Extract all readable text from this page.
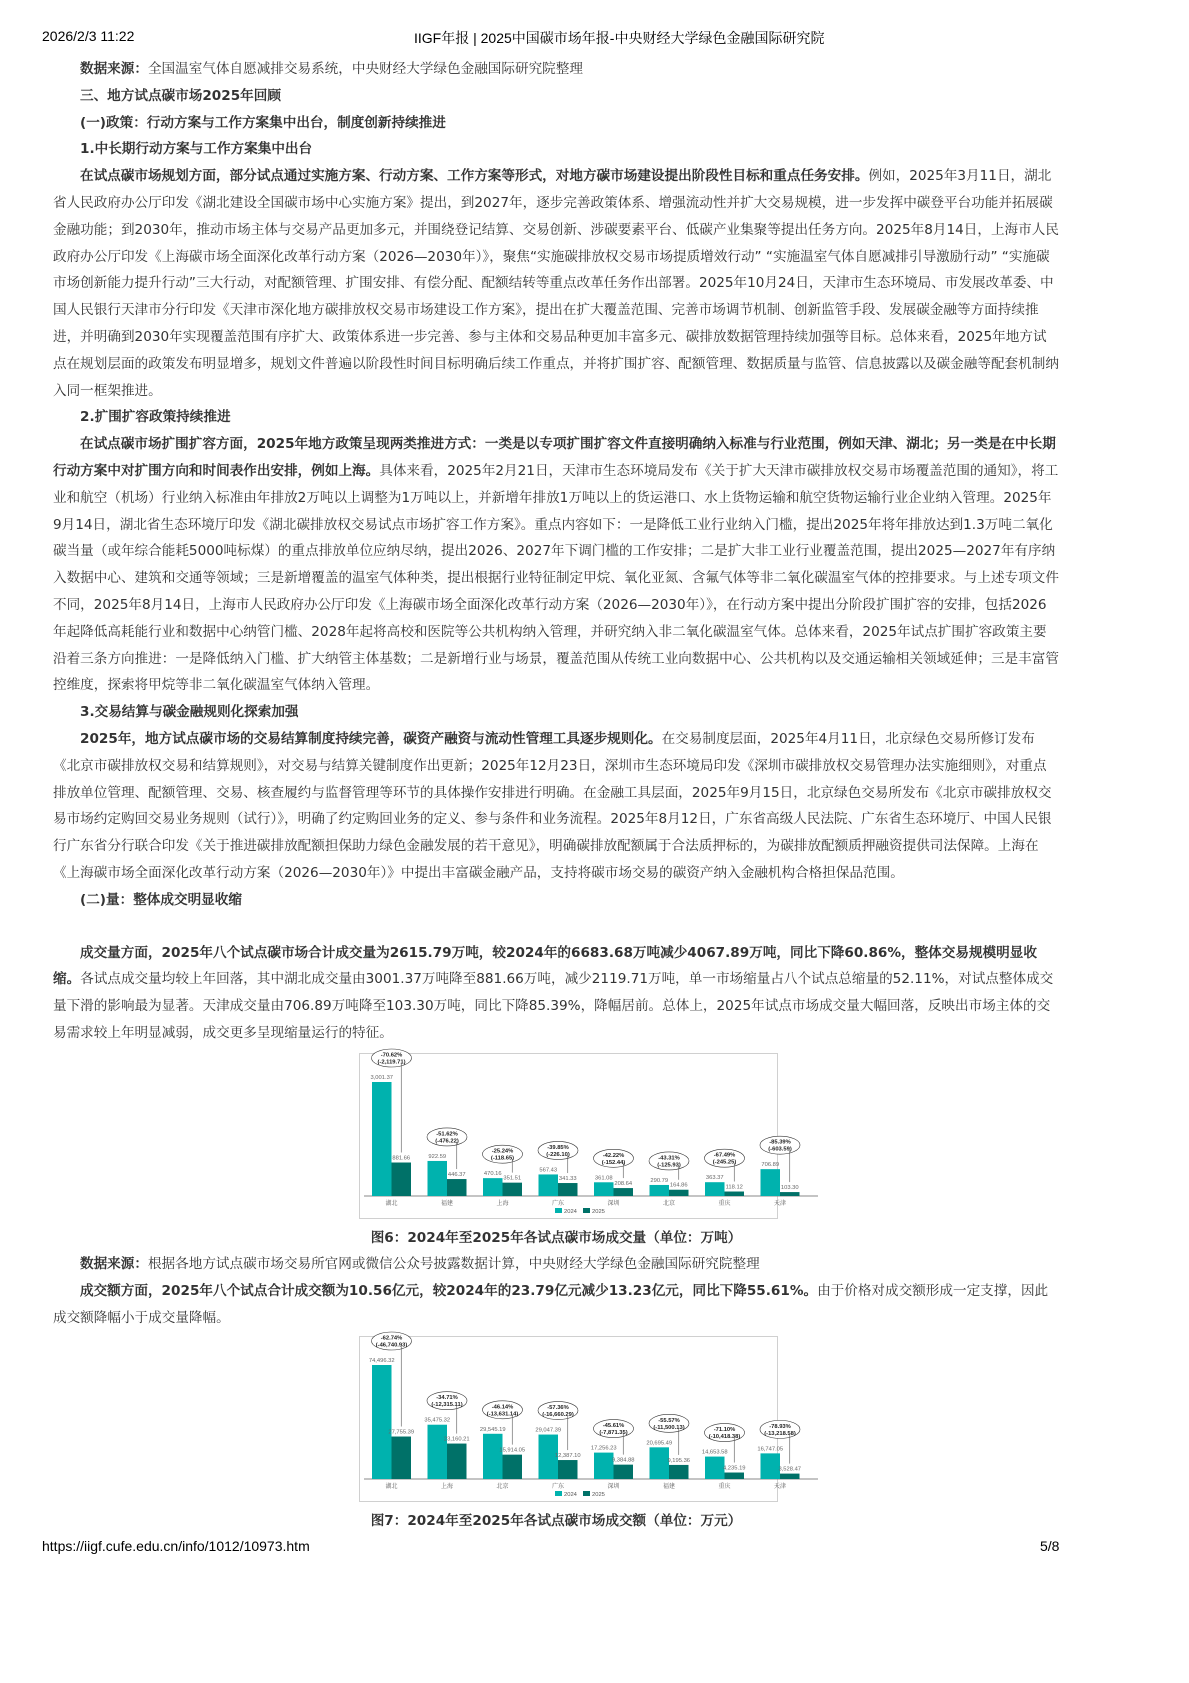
2026/2/3 11:22	IIGF年报 | 2025中国碳市场年报-中央财经大学绿色金融国际研究院

数据来源：全国温室气体自愿减排交易系统，中央财经大学绿色金融国际研究院整理

三、地方试点碳市场2025年回顾

(一)政策：行动方案与工作方案集中出台，制度创新持续推进

1.中长期行动方案与工作方案集中出台

在试点碳市场规划方面，部分试点通过实施方案、行动方案、工作方案等形式，对地方碳市场建设提出阶段性目标和重点任务安排。例如，2025年3月11日，湖北省人民政府办公厅印发《湖北建设全国碳市场中心实施方案》提出，到2027年，逐步完善政策体系、增强流动性并扩大交易规模，进一步发挥中碳登平台功能并拓展碳金融功能；到2030年，推动市场主体与交易产品更加多元，并围绕登记结算、交易创新、涉碳要素平台、低碳产业集聚等提出任务方向。2025年8月14日，上海市人民政府办公厅印发《上海碳市场全面深化改革行动方案（2026—2030年）》，聚焦“实施碳排放权交易市场提质增效行动” “实施温室气体自愿减排引导激励行动” “实施碳市场创新能力提升行动”三大行动，对配额管理、扩围安排、有偿分配、配额结转等重点改革任务作出部署。2025年10月24日，天津市生态环境局、市发展改革委、中国人民银行天津市分行印发《天津市深化地方碳排放权交易市场建设工作方案》，提出在扩大覆盖范围、完善市场调节机制、创新监管手段、发展碳金融等方面持续推进，并明确到2030年实现覆盖范围有序扩大、政策体系进一步完善、参与主体和交易品种更加丰富多元、碳排放数据管理持续加强等目标。总体来看，2025年地方试点在规划层面的政策发布明显增多，规划文件普遍以阶段性时间目标明确后续工作重点，并将扩围扩容、配额管理、数据质量与监管、信息披露以及碳金融等配套机制纳入同一框架推进。

2.扩围扩容政策持续推进

在试点碳市场扩围扩容方面，2025年地方政策呈现两类推进方式：一类是以专项扩围扩容文件直接明确纳入标准与行业范围，例如天津、湖北；另一类是在中长期行动方案中对扩围方向和时间表作出安排，例如上海。具体来看，2025年2月21日，天津市生态环境局发布《关于扩大天津市碳排放权交易市场覆盖范围的通知》，将工业和航空（机场）行业纳入标准由年排放2万吨以上调整为1万吨以上，并新增年排放1万吨以上的货运港口、水上货物运输和航空货物运输行业企业纳入管理。2025年9月14日，湖北省生态环境厅印发《湖北碳排放权交易试点市场扩容工作方案》。重点内容如下：一是降低工业行业纳入门槛，提出2025年将年排放达到1.3万吨二氧化碳当量（或年综合能耗5000吨标煤）的重点排放单位应纳尽纳，提出2026、2027年下调门槛的工作安排；二是扩大非工业行业覆盖范围，提出2025—2027年有序纳入数据中心、建筑和交通等领域；三是新增覆盖的温室气体种类，提出根据行业特征制定甲烷、氧化亚氮、含氟气体等非二氧化碳温室气体的控排要求。与上述专项文件不同，2025年8月14日，上海市人民政府办公厅印发《上海碳市场全面深化改革行动方案（2026—2030年）》，在行动方案中提出分阶段扩围扩容的安排，包括2026年起降低高耗能行业和数据中心纳管门槛、2028年起将高校和医院等公共机构纳入管理，并研究纳入非二氧化碳温室气体。总体来看，2025年试点扩围扩容政策主要沿着三条方向推进：一是降低纳入门槛、扩大纳管主体基数；二是新增行业与场景，覆盖范围从传统工业向数据中心、公共机构以及交通运输相关领域延伸；三是丰富管控维度，探索将甲烷等非二氧化碳温室气体纳入管理。

3.交易结算与碳金融规则化探索加强

2025年，地方试点碳市场的交易结算制度持续完善，碳资产融资与流动性管理工具逐步规则化。在交易制度层面，2025年4月11日，北京绿色交易所修订发布《北京市碳排放权交易和结算规则》，对交易与结算关键制度作出更新；2025年12月23日，深圳市生态环境局印发《深圳市碳排放权交易管理办法实施细则》，对重点排放单位管理、配额管理、交易、核查履约与监督管理等环节的具体操作安排进行明确。在金融工具层面，2025年9月15日，北京绿色交易所发布《北京市碳排放权交易市场约定购回交易业务规则（试行）》，明确了约定购回业务的定义、参与条件和业务流程。2025年8月12日，广东省高级人民法院、广东省生态环境厅、中国人民银行广东省分行联合印发《关于推进碳排放配额担保助力绿色金融发展的若干意见》，明确碳排放配额属于合法质押标的，为碳排放配额质押融资提供司法保障。上海在《上海碳市场全面深化改革行动方案（2026—2030年）》中提出丰富碳金融产品，支持将碳市场交易的碳资产纳入金融机构合格担保品范围。

(二)量：整体成交明显收缩

成交量方面，2025年八个试点碳市场合计成交量为2615.79万吨，较2024年的6683.68万吨减少4067.89万吨，同比下降60.86%，整体交易规模明显收缩。各试点成交量均较上年回落，其中湖北成交量由3001.37万吨降至881.66万吨，减少2119.71万吨，单一市场缩量占八个试点总缩量的52.11%，对试点整体成交量下滑的影响最为显著。天津成交量由706.89万吨降至103.30万吨，同比下降85.39%，降幅居前。总体上，2025年试点市场成交量大幅回落，反映出市场主体的交易需求较上年明显减弱，成交更多呈现缩量运行的特征。

3,001.37
881.66
湖北
-70.62%
(-2,119.71)
922.59
446.37
福建
-51.62%
(-476.22)
470.16
351.51
上海
-25.24%
(-118.65)
567.43
341.33
广东
-39.85%
(-226.10)
361.08
208.64
深圳
-42.22%
(-152.44)
290.79
164.86
北京
-43.31%
(-125.93)
363.37
118.12
重庆
-67.49%
(-245.25)	706.89
103.30
天津
-85.39%
(-603.59)
2024	2025

图6：2024年至2025年各试点碳市场成交量（单位：万吨）

数据来源：根据各地方试点碳市场交易所官网或微信公众号披露数据计算，中央财经大学绿色金融国际研究院整理

成交额方面，2025年八个试点合计成交额为10.56亿元，较2024年的23.79亿元减少13.23亿元，同比下降55.61%。由于价格对成交额形成一定支撑，因此成交额降幅小于成交量降幅。

74,496.32
27,755.39
湖北
-62.74%
(-46,740.93)
35,475.32
23,160.21
上海
-34.71%
(-12,315.11)
29,545.19
15,914.05
北京
-46.14%
(-13,631.14)
29,047.39
12,387.10
广东
-57.36%
(-16,660.29)
17,256.23
9,384.88
深圳
-45.61%
(-7,871.35)
20,695.49
9,195.36
福建
-55.57%
(-11,500.13)
14,653.58
4,235.19
重庆
-71.10%
(-10,418.38)
16,747.05
3,528.47
天津
-78.93%
(-13,218.58)
2024	2025

图7：2024年至2025年各试点碳市场成交额（单位：万元）

https://iigf.cufe.edu.cn/info/1012/10973.htm	5/8
